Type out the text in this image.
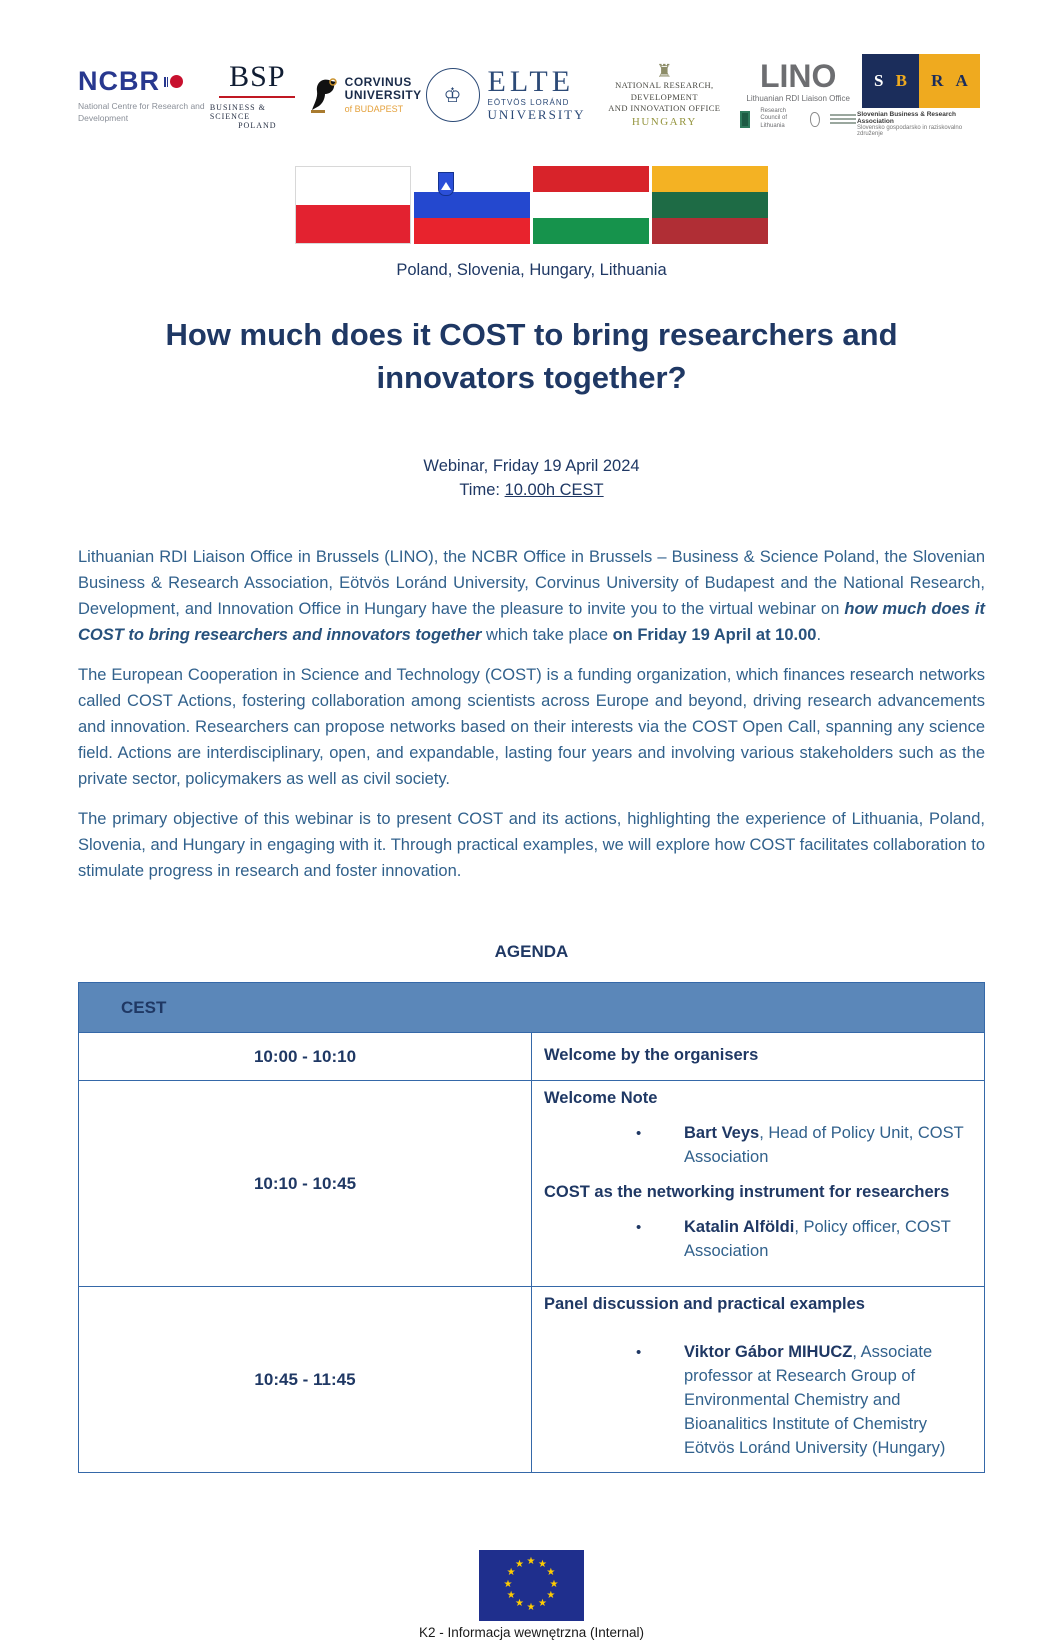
NCBR
National Centre for Research and Development
BSP
BUSINESS & SCIENCE
POLAND
CORVINUS
UNIVERSITY
of BUDAPEST
♔ ELTE
EÖTVÖS LORÁND
UNIVERSITY
♜
NATIONAL RESEARCH, DEVELOPMENT
AND INNOVATION OFFICE
HUNGARY
LINO
Lithuanian RDI Liaison Office
Research Council of Lithuania
S B R A
Slovenian Business & Research Association
Slovensko gospodarsko in raziskovalno združenje
Poland, Slovenia, Hungary, Lithuania
How much does it COST to bring researchers and
innovators together?
Webinar, Friday 19 April 2024
Time: 10.00h CEST

Lithuanian RDI Liaison Office in Brussels (LINO), the NCBR Office in Brussels – Business & Science Poland, the Slovenian Business & Research Association, Eötvös Loránd University, Corvinus University of Budapest and the National Research, Development, and Innovation Office in Hungary have the pleasure to invite you to the virtual webinar on how much does it COST to bring researchers and innovators together which take place on Friday 19 April at 10.00.

The European Cooperation in Science and Technology (COST) is a funding organization, which finances research networks called COST Actions, fostering collaboration among scientists across Europe and beyond, driving research advancements and innovation. Researchers can propose networks based on their interests via the COST Open Call, spanning any science field. Actions are interdisciplinary, open, and expandable, lasting four years and involving various stakeholders such as the private sector, policymakers as well as civil society.

The primary objective of this webinar is to present COST and its actions, highlighting the experience of Lithuania, Poland, Slovenia, and Hungary in engaging with it. Through practical examples, we will explore how COST facilitates collaboration to stimulate progress in research and foster innovation.

AGENDA
CEST	
10:00 - 10:10	Welcome by the organisers
10:10 - 10:45	Welcome Note
•
Bart Veys, Head of Policy Unit, COST Association
COST as the networking instrument for researchers
•
Katalin Alföldi, Policy officer, COST Association

10:45 - 11:45	Panel discussion and practical examples
•
Viktor Gábor MIHUCZ, Associate professor at Research Group of Environmental Chemistry and Bioanalitics Institute of Chemistry Eötvös Loránd University (Hungary)
★
★
★
★
★
★
★
★
★
★
★
★
K2 - Informacja wewnętrzna (Internal)
